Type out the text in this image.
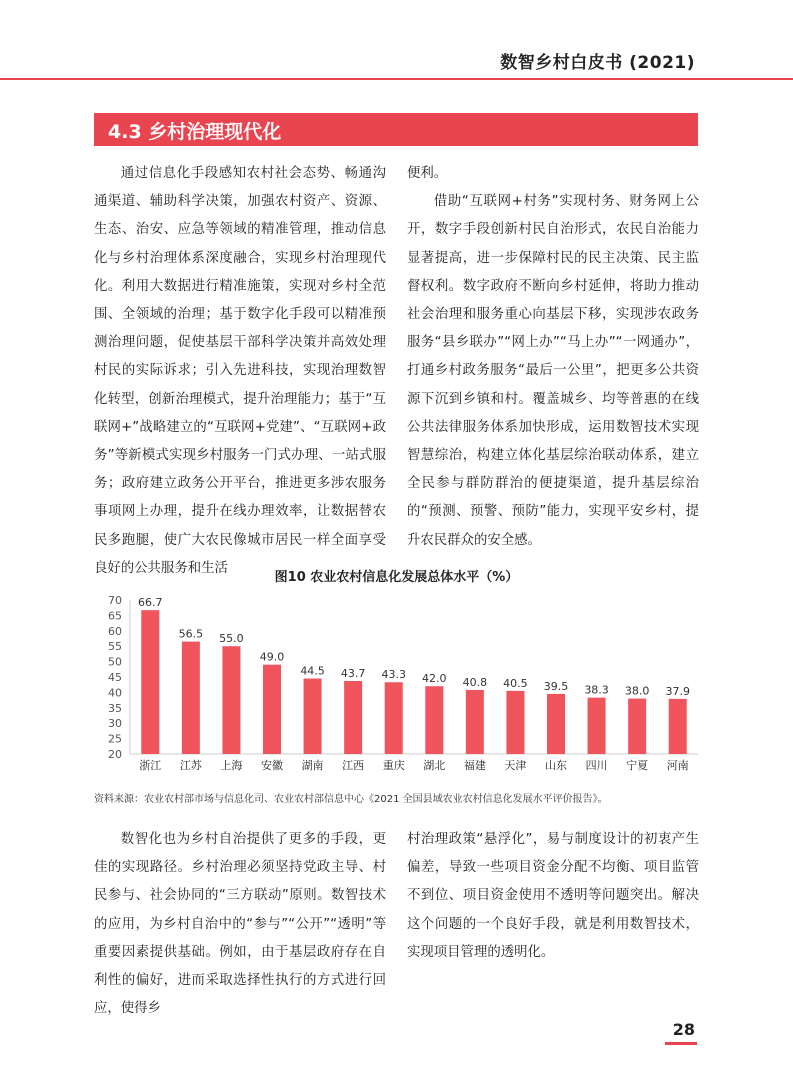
数智乡村白皮书 (2021)
4.3 乡村治理现代化

通过信息化手段感知农村社会态势、畅通沟通渠道、辅助科学决策，加强农村资产、资源、生态、治安、应急等领域的精准管理，推动信息化与乡村治理体系深度融合，实现乡村治理现代化。利用大数据进行精准施策，实现对乡村全范围、全领域的治理；基于数字化手段可以精准预测治理问题，促使基层干部科学决策并高效处理村民的实际诉求；引入先进科技，实现治理数智化转型，创新治理模式，提升治理能力；基于“互联网+”战略建立的“互联网+党建”、“互联网+政务”等新模式实现乡村服务一门式办理、一站式服务；政府建立政务公开平台，推进更多涉农服务事项网上办理，提升在线办理效率，让数据替农民多跑腿，使广大农民像城市居民一样全面享受良好的公共服务和生活

便利。

借助“互联网+村务”实现村务、财务网上公开，数字手段创新村民自治形式，农民自治能力显著提高，进一步保障村民的民主决策、民主监督权利。数字政府不断向乡村延伸，将助力推动社会治理和服务重心向基层下移，实现涉农政务服务“县乡联办”“网上办”“马上办”“一网通办”，打通乡村政务服务“最后一公里”，把更多公共资源下沉到乡镇和村。覆盖城乡、均等普惠的在线公共法律服务体系加快形成，运用数智技术实现智慧综治，构建立体化基层综治联动体系，建立全民参与群防群治的便捷渠道，提升基层综治的“预测、预警、预防”能力，实现平安乡村，提升农民群众的安全感。

图10 农业农村信息化发展总体水平（%）
20
25
30
35
40
45
50
55
60
65
70 66.7
56.5 55.0
49.0
44.5 43.7 43.3 42.0 40.8 40.5 39.5 38.3 38.0 37.9
浙江 江苏 上海 安徽 湖南 江西 重庆 湖北 福建 天津 山东 四川 宁夏 河南
资料来源：农业农村部市场与信息化司、农业农村部信息中心《2021 全国县域农业农村信息化发展水平评价报告》。

数智化也为乡村自治提供了更多的手段，更佳的实现路径。乡村治理必须坚持党政主导、村民参与、社会协同的“三方联动”原则。数智技术的应用，为乡村自治中的“参与”“公开”“透明”等重要因素提供基础。例如，由于基层政府存在自利性的偏好，进而采取选择性执行的方式进行回应，使得乡

村治理政策“悬浮化”，易与制度设计的初衷产生偏差，导致一些项目资金分配不均衡、项目监管不到位、项目资金使用不透明等问题突出。解决这个问题的一个良好手段，就是利用数智技术，实现项目管理的透明化。

28
